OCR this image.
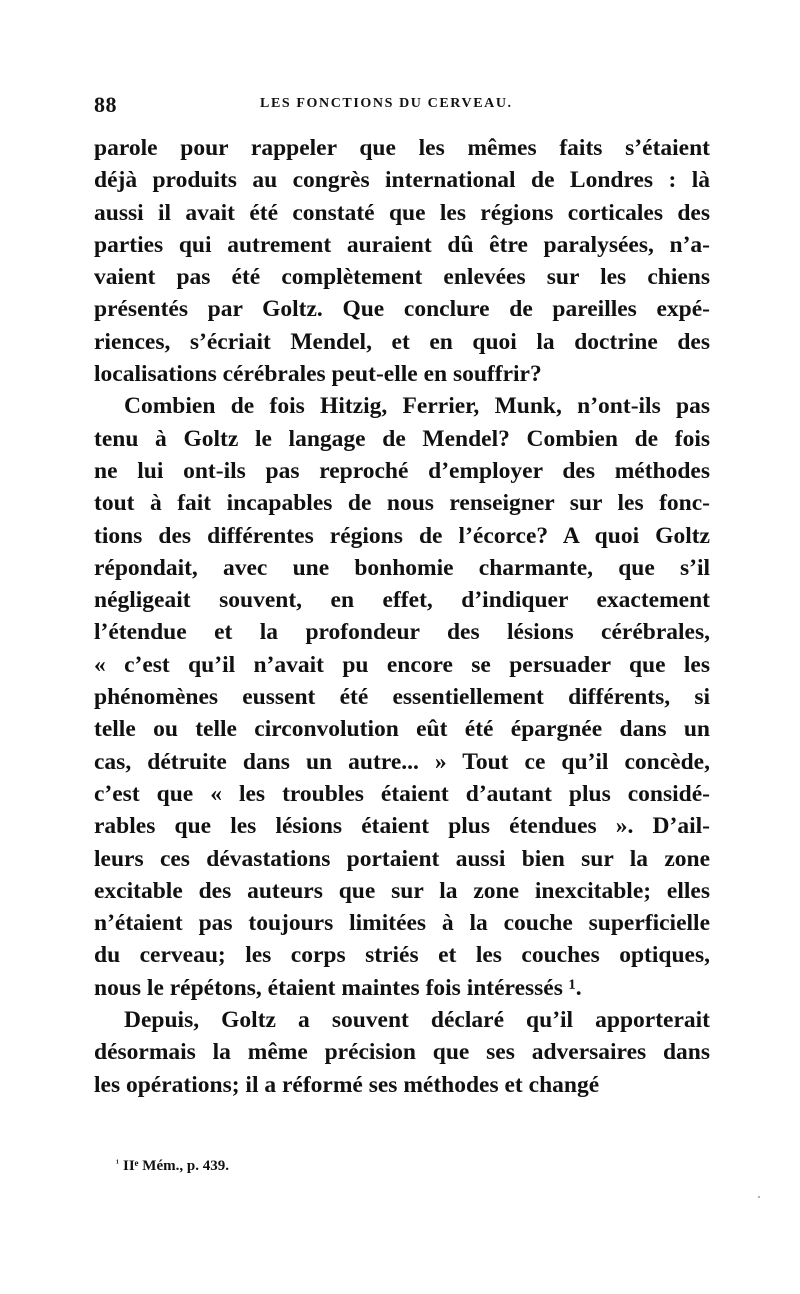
88	LES FONCTIONS DU CERVEAU.
parole pour rappeler que les mêmes faits s’étaient
déjà produits au congrès international de Londres : là
aussi il avait été constaté que les régions corticales des
parties qui autrement auraient dû être paralysées, n’a-
vaient pas été complètement enlevées sur les chiens
présentés par Goltz. Que conclure de pareilles expé-
riences, s’écriait Mendel, et en quoi la doctrine des
localisations cérébrales peut-elle en souffrir?
Combien de fois Hitzig, Ferrier, Munk, n’ont-ils pas
tenu à Goltz le langage de Mendel? Combien de fois
ne lui ont-ils pas reproché d’employer des méthodes
tout à fait incapables de nous renseigner sur les fonc-
tions des différentes régions de l’écorce? A quoi Goltz
répondait, avec une bonhomie charmante, que s’il
négligeait souvent, en effet, d’indiquer exactement
l’étendue et la profondeur des lésions cérébrales,
« c’est qu’il n’avait pu encore se persuader que les
phénomènes eussent été essentiellement différents, si
telle ou telle circonvolution eût été épargnée dans un
cas, détruite dans un autre... » Tout ce qu’il concède,
c’est que « les troubles étaient d’autant plus considé-
rables que les lésions étaient plus étendues ». D’ail-
leurs ces dévastations portaient aussi bien sur la zone
excitable des auteurs que sur la zone inexcitable; elles
n’étaient pas toujours limitées à la couche superficielle
du cerveau; les corps striés et les couches optiques,
nous le répétons, étaient maintes fois intéressés ¹.
Depuis, Goltz a souvent déclaré qu’il apporterait
désormais la même précision que ses adversaires dans
les opérations; il a réformé ses méthodes et changé
$^{^1}$ IIᵉ Mém., p. 439.
